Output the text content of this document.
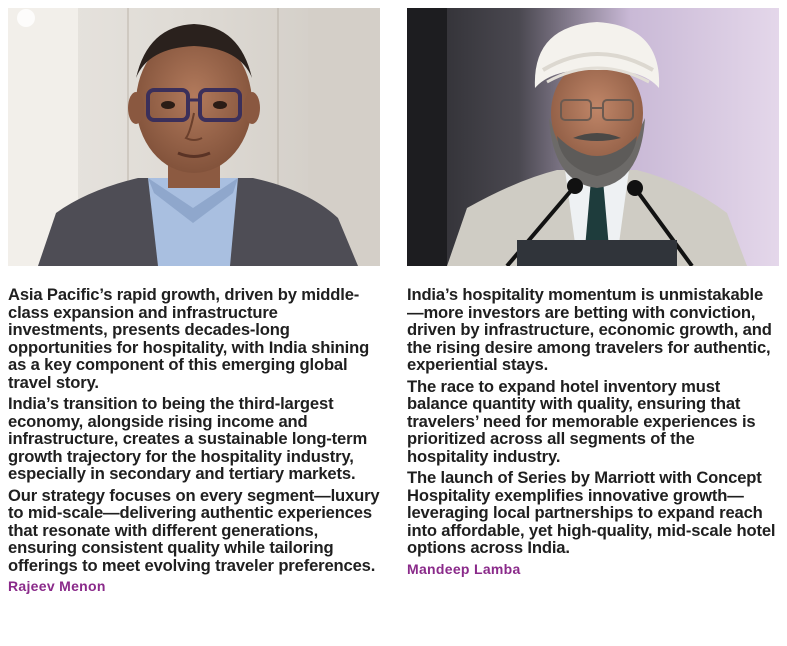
Asia Pacific’s rapid growth, driven by middle-class expansion and infrastructure investments, presents decades-long opportunities for hospitality, with India shining as a key component of this emerging global travel story.

India’s transition to being the third-largest economy, alongside rising income and infrastructure, creates a sustainable long-term growth trajectory for the hospitality industry, especially in secondary and tertiary markets.

Our strategy focuses on every segment—luxury to mid-scale—delivering authentic experiences that resonate with different generations, ensuring consistent quality while tailoring offerings to meet evolving traveler preferences.

Rajeev Menon

India’s hospitality momentum is unmistakable—more investors are betting with conviction, driven by infrastructure, economic growth, and the rising desire among travelers for authentic, experiential stays.

The race to expand hotel inventory must balance quantity with quality, ensuring that travelers’ need for memorable experiences is prioritized across all segments of the hospitality industry.

The launch of Series by Marriott with Concept Hospitality exemplifies innovative growth—leveraging local partnerships to expand reach into affordable, yet high-quality, mid-scale hotel options across India.

Mandeep Lamba
